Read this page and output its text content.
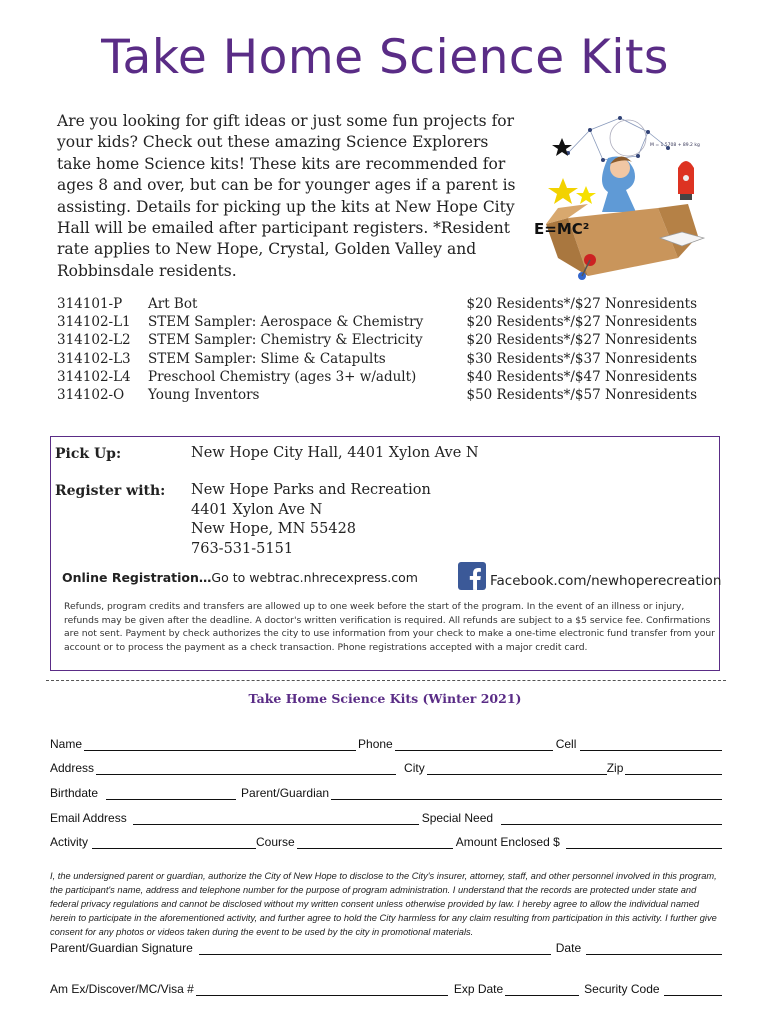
Take Home Science Kits

Are you looking for gift ideas or just some fun projects for your kids? Check out these amazing Science Explorers take home Science kits! These kits are recommended for ages 8 and over, but can be for younger ages if a parent is assisting. Details for picking up the kits at New Hope City Hall will be emailed after participant registers. *Resident rate applies to New Hope, Crystal, Golden Valley and Robbinsdale residents.

M = 1.5708 + 89.2 kg
E=MC²
314101-P	Art Bot	$20 Residents*/$27 Nonresidents
314102-L1	STEM Sampler: Aerospace & Chemistry	$20 Residents*/$27 Nonresidents
314102-L2	STEM Sampler: Chemistry & Electricity	$20 Residents*/$27 Nonresidents
314102-L3	STEM Sampler: Slime & Catapults	$30 Residents*/$37 Nonresidents
314102-L4	Preschool Chemistry (ages 3+ w/adult)	$40 Residents*/$47 Nonresidents
314102-O	Young Inventors	$50 Residents*/$57 Nonresidents
Pick Up:	New Hope City Hall, 4401 Xylon Ave N
Register with: New Hope Parks and Recreation
4401 Xylon Ave N
New Hope, MN 55428
763-531-5151
Online Registration…Go to webtrac.nhrecexpress.com	Facebook.com/newhoperecreation

Refunds, program credits and transfers are allowed up to one week before the start of the program. In the event of an illness or injury, refunds may be given after the deadline. A doctor's written verification is required. All refunds are subject to a $5 service fee. Confirmations are not sent. Payment by check authorizes the city to use information from your check to make a one-time electronic fund transfer from your account or to process the payment as a check transaction. Phone registrations accepted with a major credit card.

Take Home Science Kits (Winter 2021)
Name	Phone	Cell
Address	City	Zip
Birthdate	Parent/Guardian
Email Address	Special Need
Activity	Course	Amount Enclosed $

I, the undersigned parent or guardian, authorize the City of New Hope to disclose to the City's insurer, attorney, staff, and other personnel involved in this program, the participant's name, address and telephone number for the purpose of program administration. I understand that the records are protected under state and federal privacy regulations and cannot be disclosed without my written consent unless otherwise provided by law. I hereby agree to allow the individual named herein to participate in the aforementioned activity, and further agree to hold the City harmless for any claim resulting from participation in this activity. I further give consent for any photos or videos taken during the event to be used by the city in promotional materials.

Parent/Guardian Signature	Date
Am Ex/Discover/MC/Visa #	Exp Date	Security Code
